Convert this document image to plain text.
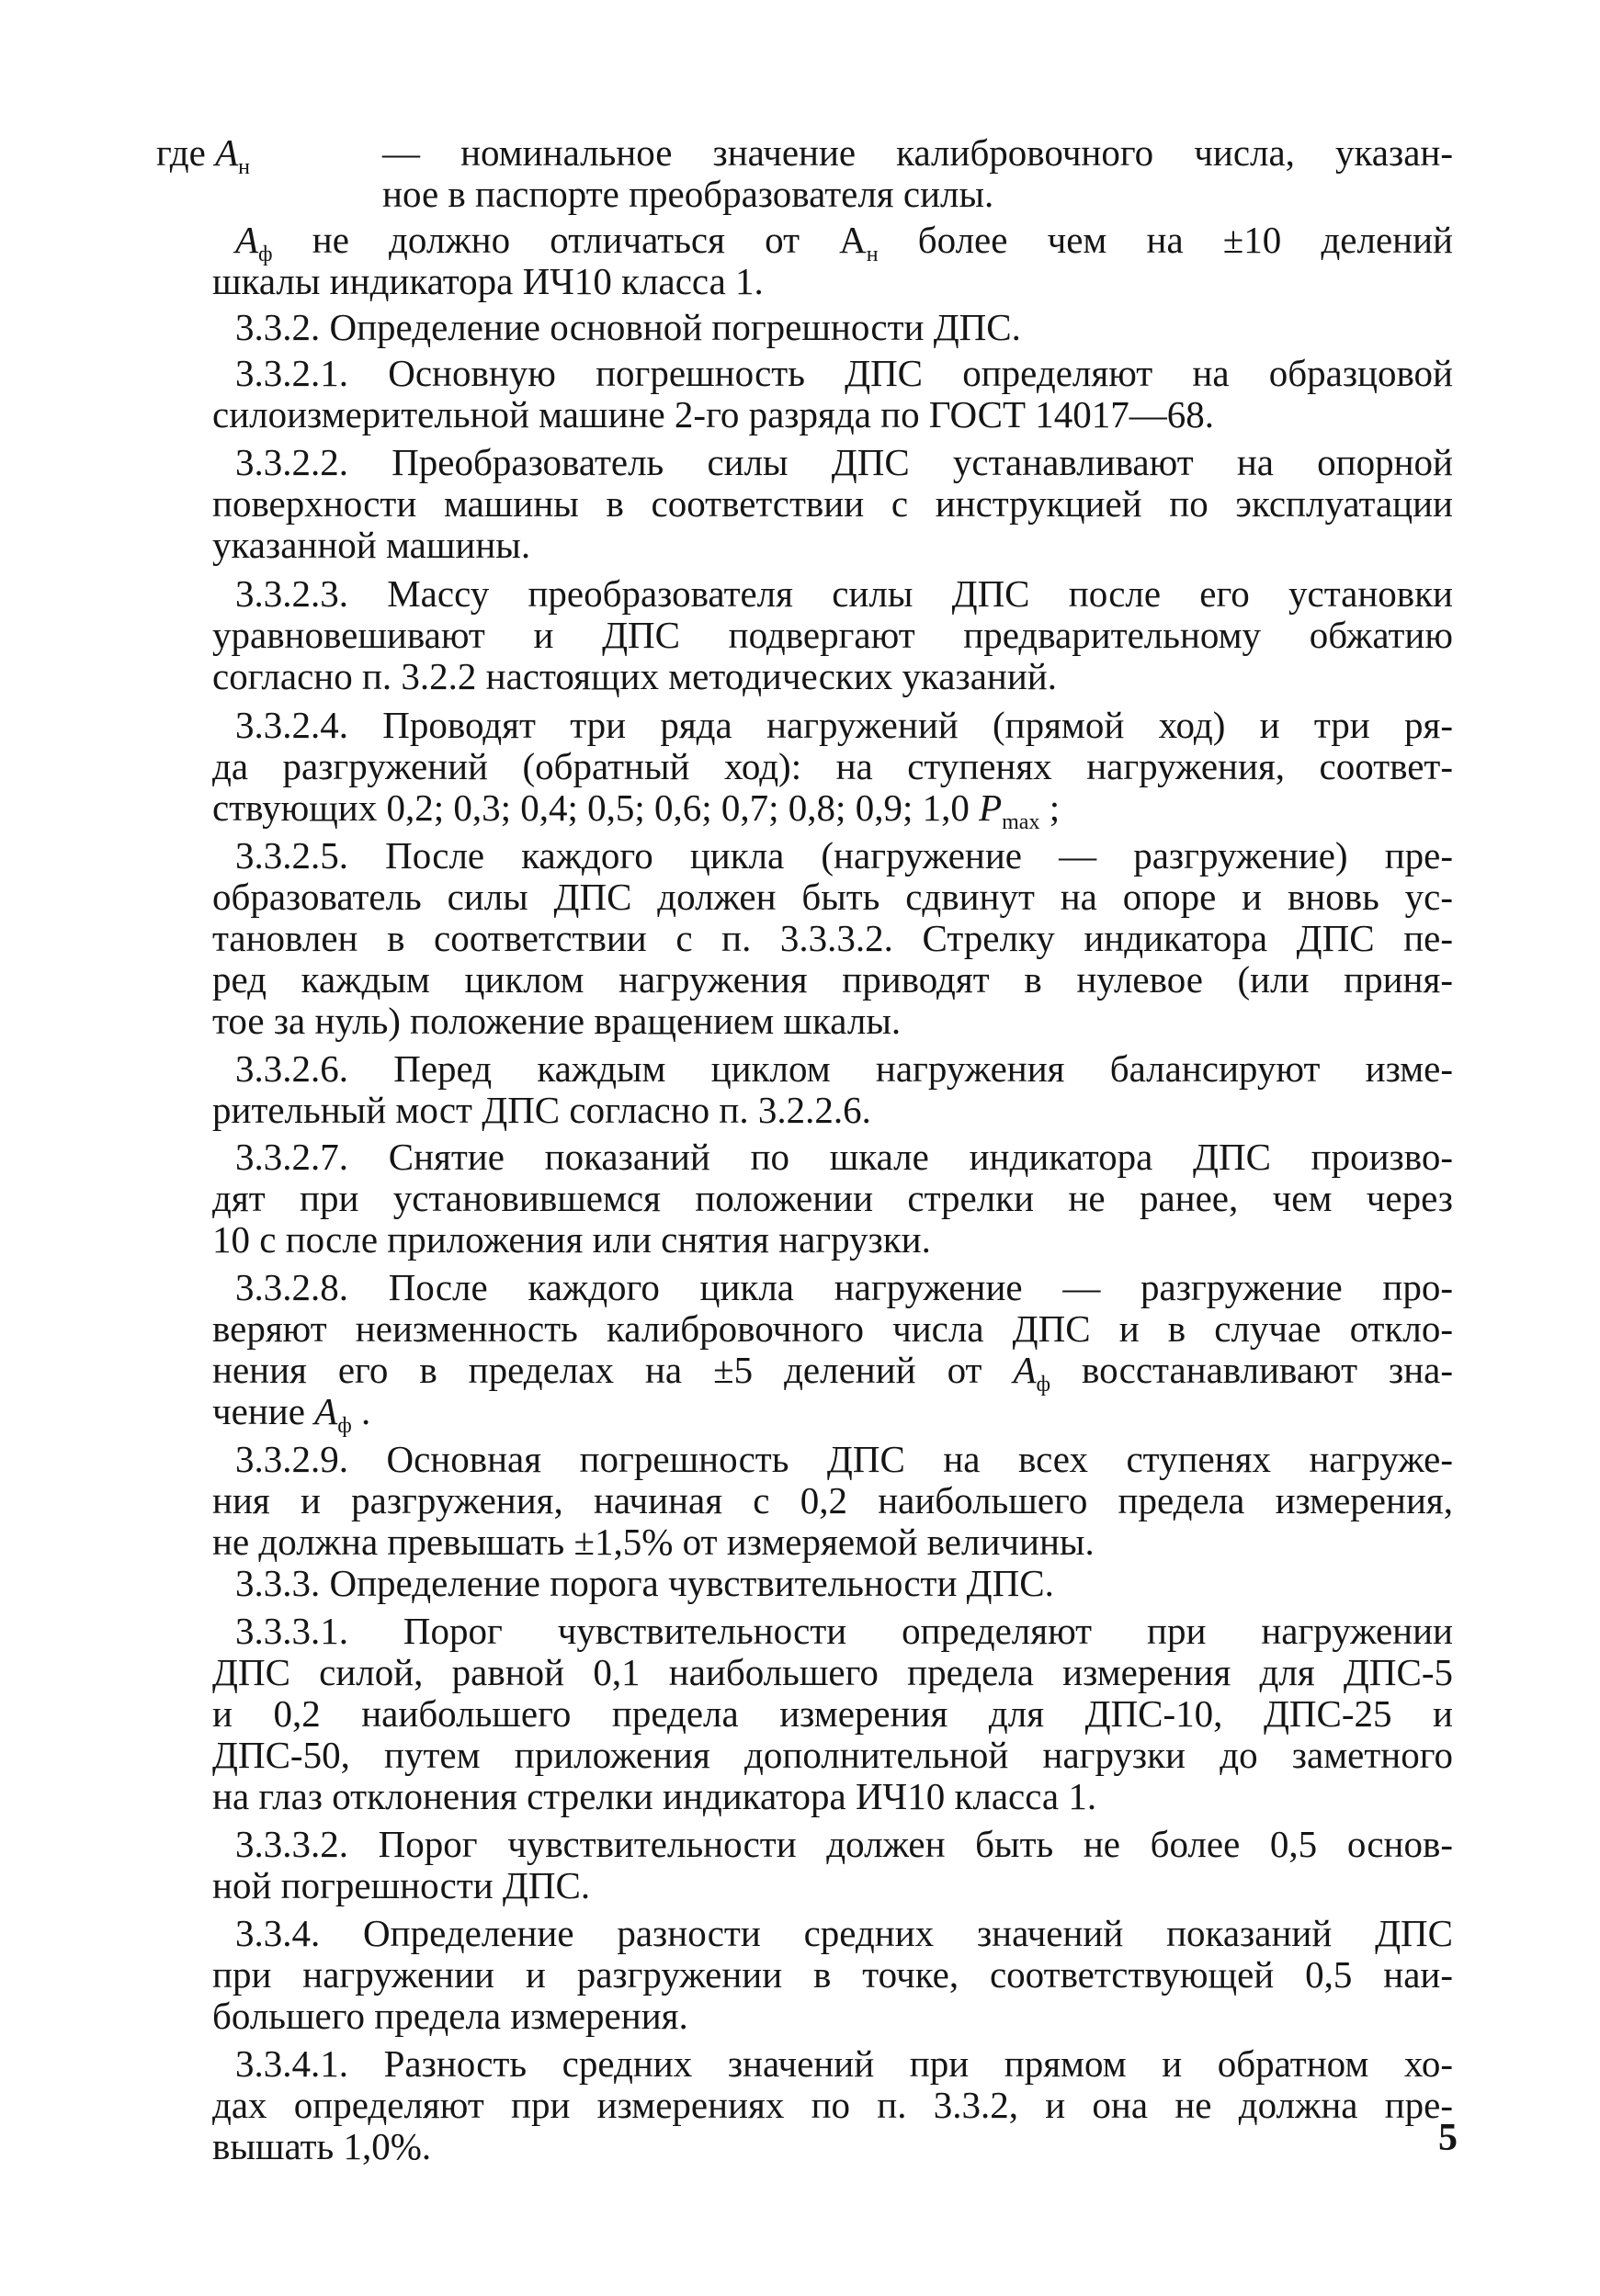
где $A_н$	— номинальное значение калибровочного числа, указан-
ное в паспорте преобразователя силы.
$A_ф$ не должно отличаться от $А_н$ более чем на ±10 делений
шкалы индикатора ИЧ10 класса 1.
3.3.2. Определение основной погрешности ДПС.
3.3.2.1. Основную погрешность ДПС определяют на образцовой
силоизмерительной машине 2-го разряда по ГОСТ 14017—68.
3.3.2.2. Преобразователь силы ДПС устанавливают на опорной
поверхности машины в соответствии с инструкцией по эксплуатации
указанной машины.
3.3.2.3. Массу преобразователя силы ДПС после его установки
уравновешивают и ДПС подвергают предварительному обжатию
согласно п. 3.2.2 настоящих методических указаний.
3.3.2.4. Проводят три ряда нагружений (прямой ход) и три ря-
да разгружений (обратный ход): на ступенях нагружения, соответ-
ствующих 0,2; 0,3; 0,4; 0,5; 0,6; 0,7; 0,8; 0,9; 1,0 $P_{max}$ ;
3.3.2.5. После каждого цикла (нагружение — разгружение) пре-
образователь силы ДПС должен быть сдвинут на опоре и вновь ус-
тановлен в соответствии с п. 3.3.3.2. Стрелку индикатора ДПС пе-
ред каждым циклом нагружения приводят в нулевое (или приня-
тое за нуль) положение вращением шкалы.
3.3.2.6. Перед каждым циклом нагружения балансируют изме-
рительный мост ДПС согласно п. 3.2.2.6.
3.3.2.7. Снятие показаний по шкале индикатора ДПС произво-
дят при установившемся положении стрелки не ранее, чем через
10 с после приложения или снятия нагрузки.
3.3.2.8. После каждого цикла нагружение — разгружение про-
веряют неизменность калибровочного числа ДПС и в случае откло-
нения его в пределах на ±5 делений от $A_ф$ восстанавливают зна-
чение $A_ф$ .
3.3.2.9. Основная погрешность ДПС на всех ступенях нагруже-
ния и разгружения, начиная с 0,2 наибольшего предела измерения,
не должна превышать ±1,5% от измеряемой величины.
3.3.3. Определение порога чувствительности ДПС.
3.3.3.1. Порог чувствительности определяют при нагружении
ДПС силой, равной 0,1 наибольшего предела измерения для ДПС-5
и 0,2 наибольшего предела измерения для ДПС-10, ДПС-25 и
ДПС-50, путем приложения дополнительной нагрузки до заметного
на глаз отклонения стрелки индикатора ИЧ10 класса 1.
3.3.3.2. Порог чувствительности должен быть не более 0,5 основ-
ной погрешности ДПС.
3.3.4. Определение разности средних значений показаний ДПС
при нагружении и разгружении в точке, соответствующей 0,5 наи-
большего предела измерения.
3.3.4.1. Разность средних значений при прямом и обратном хо-
дах определяют при измерениях по п. 3.3.2, и она не должна пре-
вышать 1,0%.	5
